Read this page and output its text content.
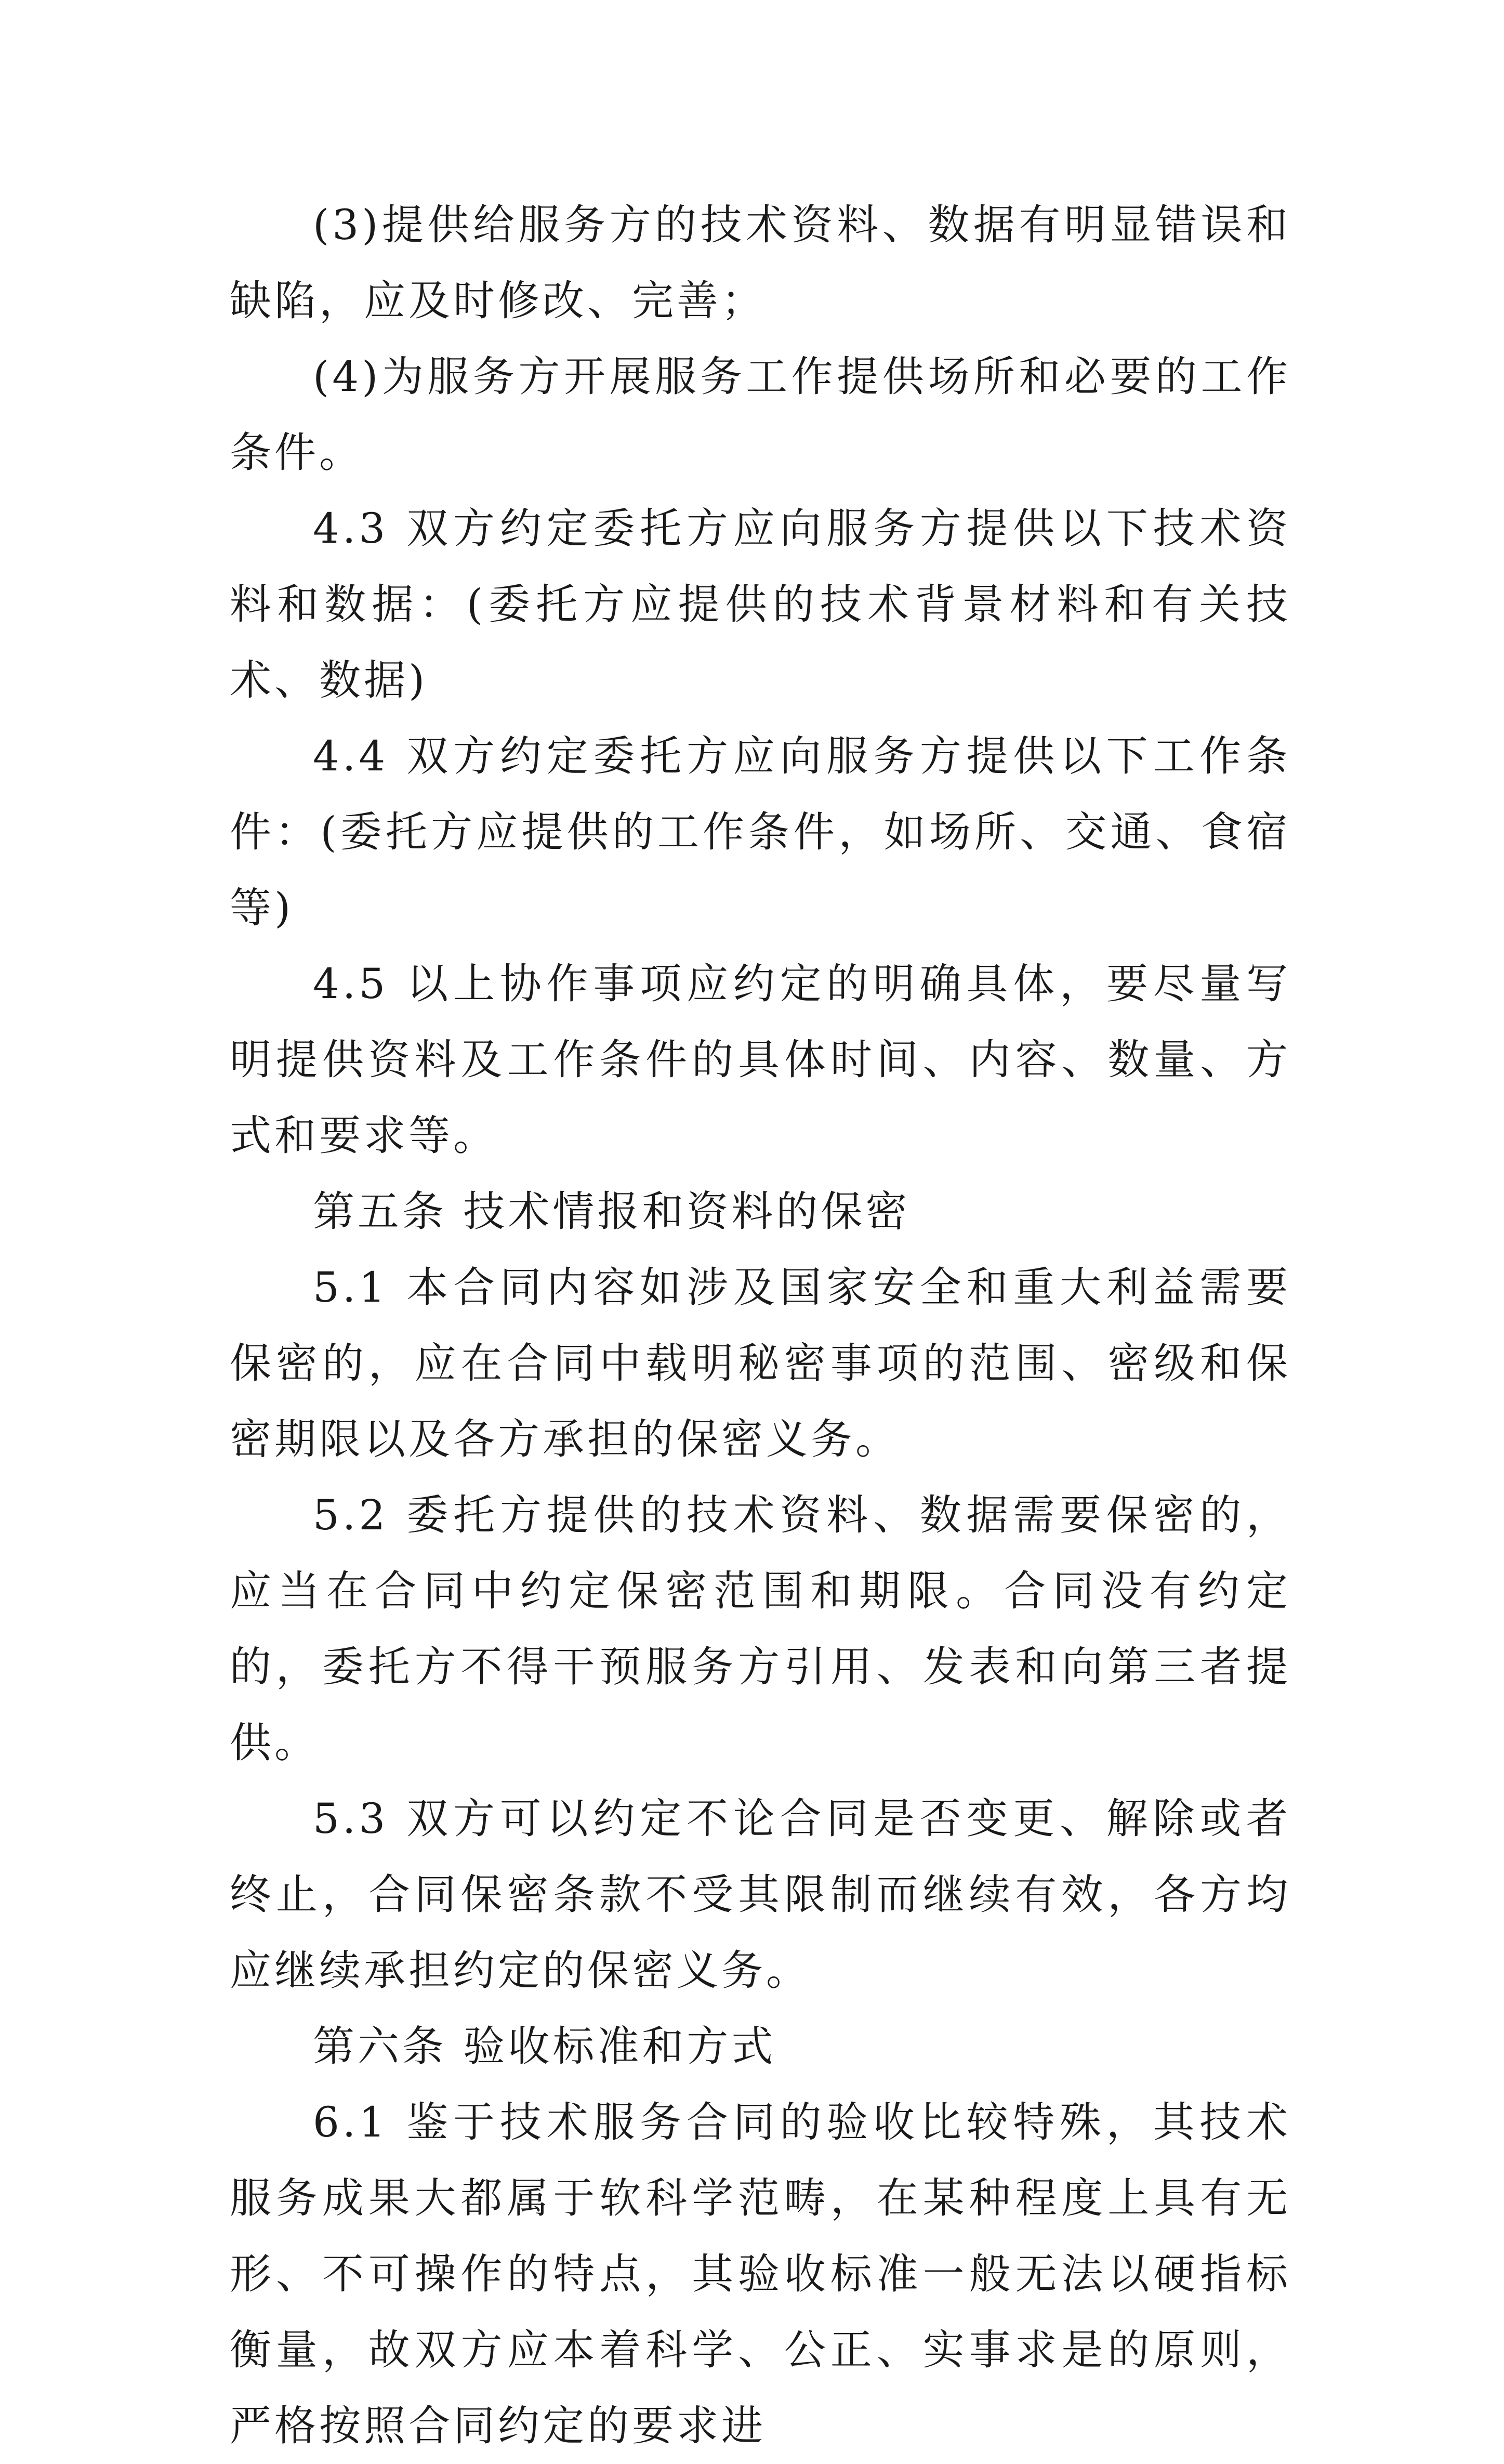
(3)提供给服务方的技术资料、数据有明显错误和缺陷，应及时修改、完善；

(4)为服务方开展服务工作提供场所和必要的工作条件。

4.3 双方约定委托方应向服务方提供以下技术资料和数据：(委托方应提供的技术背景材料和有关技术、数据)

4.4 双方约定委托方应向服务方提供以下工作条件：(委托方应提供的工作条件，如场所、交通、食宿等)

4.5 以上协作事项应约定的明确具体，要尽量写明提供资料及工作条件的具体时间、内容、数量、方式和要求等。

第五条 技术情报和资料的保密

5.1 本合同内容如涉及国家安全和重大利益需要保密的，应在合同中载明秘密事项的范围、密级和保密期限以及各方承担的保密义务。

5.2 委托方提供的技术资料、数据需要保密的，应当在合同中约定保密范围和期限。合同没有约定的，委托方不得干预服务方引用、发表和向第三者提供。

5.3 双方可以约定不论合同是否变更、解除或者终止，合同保密条款不受其限制而继续有效，各方均应继续承担约定的保密义务。

第六条 验收标准和方式

6.1 鉴于技术服务合同的验收比较特殊，其技术服务成果大都属于软科学范畴，在某种程度上具有无形、不可操作的特点，其验收标准一般无法以硬指标衡量，故双方应本着科学、公正、实事求是的原则，严格按照合同约定的要求进
